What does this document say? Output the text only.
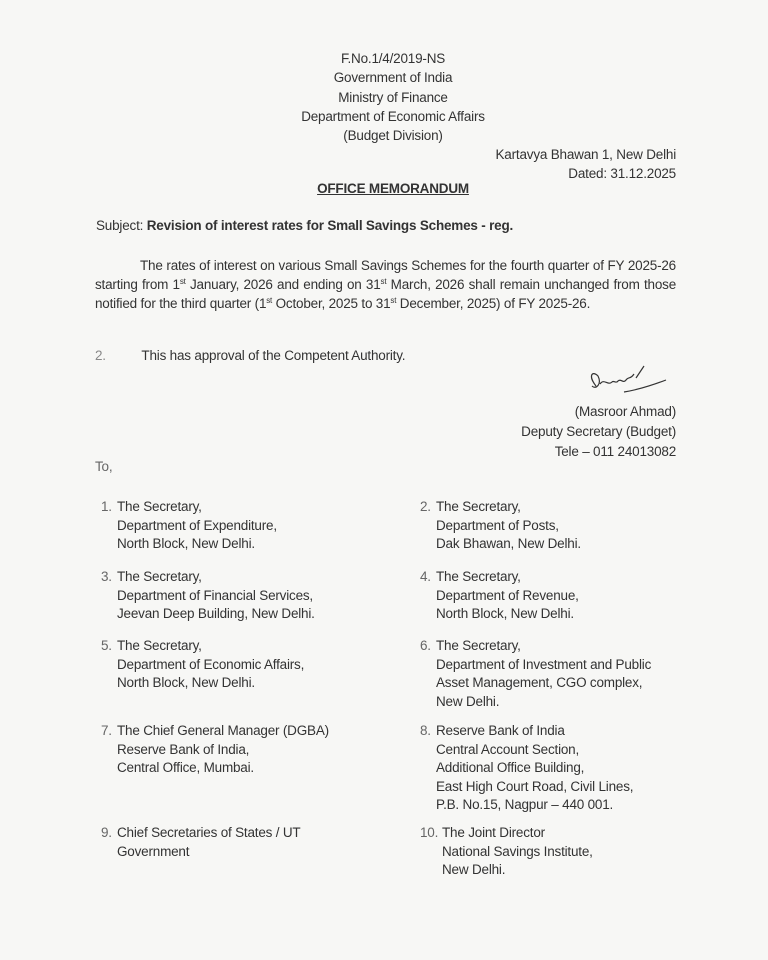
F.No.1/4/2019-NS
Government of India
Ministry of Finance
Department of Economic Affairs
(Budget Division)
Kartavya Bhawan 1, New Delhi
Dated: 31.12.2025
OFFICE MEMORANDUM
Subject: Revision of interest rates for Small Savings Schemes - reg.
The rates of interest on various Small Savings Schemes for the fourth quarter of FY 2025-26 starting from 1st January, 2026 and ending on 31st March, 2026 shall remain unchanged from those notified for the third quarter (1st October, 2025 to 31st December, 2025) of FY 2025-26.
2.	This has approval of the Competent Authority.
(Masroor Ahmad)
Deputy Secretary (Budget)
Tele – 011 24013082
To,
1. The Secretary,
Department of Expenditure,
North Block, New Delhi.
2. The Secretary,
Department of Posts,
Dak Bhawan, New Delhi.
3. The Secretary,
Department of Financial Services,
Jeevan Deep Building, New Delhi.
4. The Secretary,
Department of Revenue,
North Block, New Delhi.
5. The Secretary,
Department of Economic Affairs,
North Block, New Delhi.
6. The Secretary,
Department of Investment and Public
Asset Management, CGO complex,
New Delhi.
7. The Chief General Manager (DGBA)
Reserve Bank of India,
Central Office, Mumbai.
8. Reserve Bank of India
Central Account Section,
Additional Office Building,
East High Court Road, Civil Lines,
P.B. No.15, Nagpur – 440 001.
9. Chief Secretaries of States / UT
Government
10. The Joint Director
National Savings Institute,
New Delhi.
